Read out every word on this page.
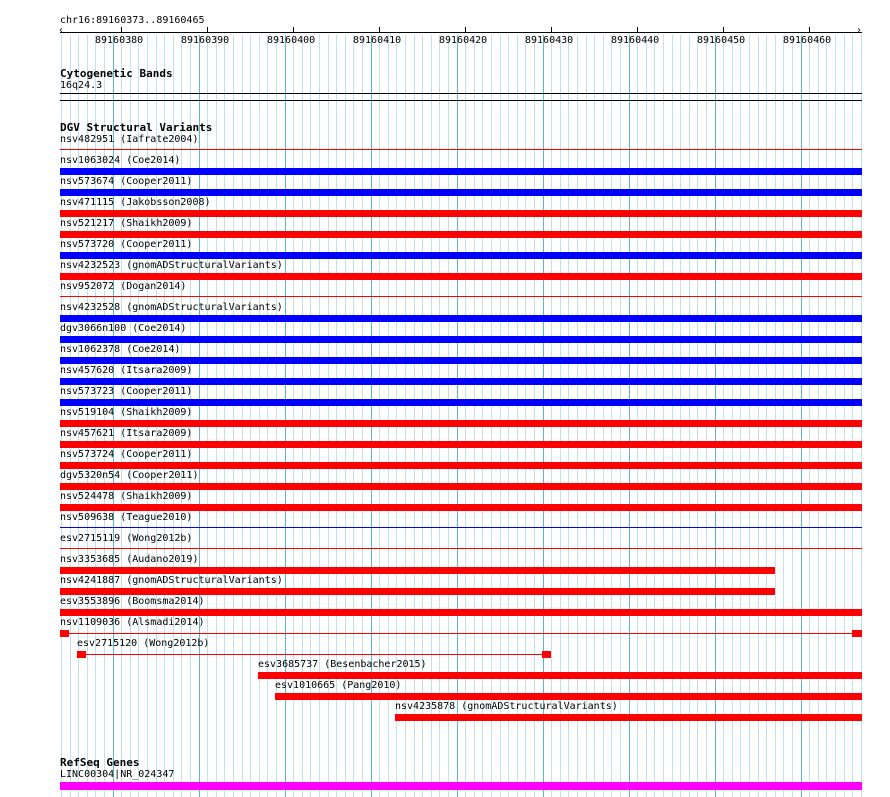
chr16:89160373..89160465
‹	›
89160380	89160390	89160400	89160410	89160420	89160430	89160440	89160450	89160460
Cytogenetic Bands
16q24.3
DGV Structural Variants
nsv482951 (Iafrate2004)
nsv1063024 (Coe2014)
nsv573674 (Cooper2011)
nsv471115 (Jakobsson2008)
nsv521217 (Shaikh2009)
nsv573720 (Cooper2011)
nsv4232523 (gnomADStructuralVariants)
nsv952072 (Dogan2014)
nsv4232528 (gnomADStructuralVariants)
dgv3066n100 (Coe2014)
nsv1062378 (Coe2014)
nsv457620 (Itsara2009)
nsv573723 (Cooper2011)
nsv519104 (Shaikh2009)
nsv457621 (Itsara2009)
nsv573724 (Cooper2011)
dgv5320n54 (Cooper2011)
nsv524478 (Shaikh2009)
nsv509638 (Teague2010)
esv2715119 (Wong2012b)
nsv3353685 (Audano2019)
nsv4241887 (gnomADStructuralVariants)
esv3553896 (Boomsma2014)
nsv1109036 (Alsmadi2014)
esv2715120 (Wong2012b)
esv3685737 (Besenbacher2015)
esv1010665 (Pang2010)
nsv4235878 (gnomADStructuralVariants)
RefSeq Genes
LINC00304|NR_024347
